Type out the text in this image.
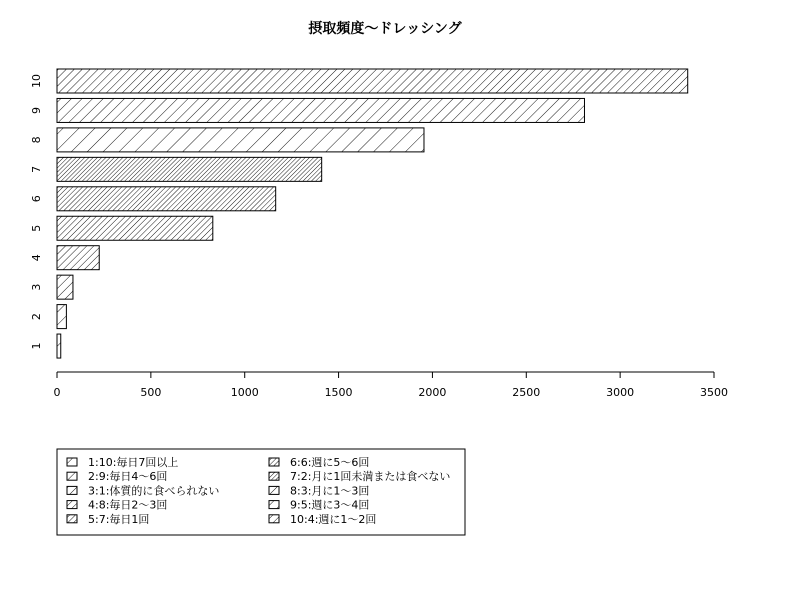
摂取頻度〜ドレッシング
0	500	1000	1500	2000	2500	3000	3500
1
2
3
4
5
6
7
8
9
10
1:10:毎日7回以上
2:9:毎日4〜6回
3:1:体質的に食べられない
4:8:毎日2〜3回
5:7:毎日1回
6:6:週に5〜6回
7:2:月に1回未満または食べない
8:3:月に1〜3回
9:5:週に3〜4回
10:4:週に1〜2回
